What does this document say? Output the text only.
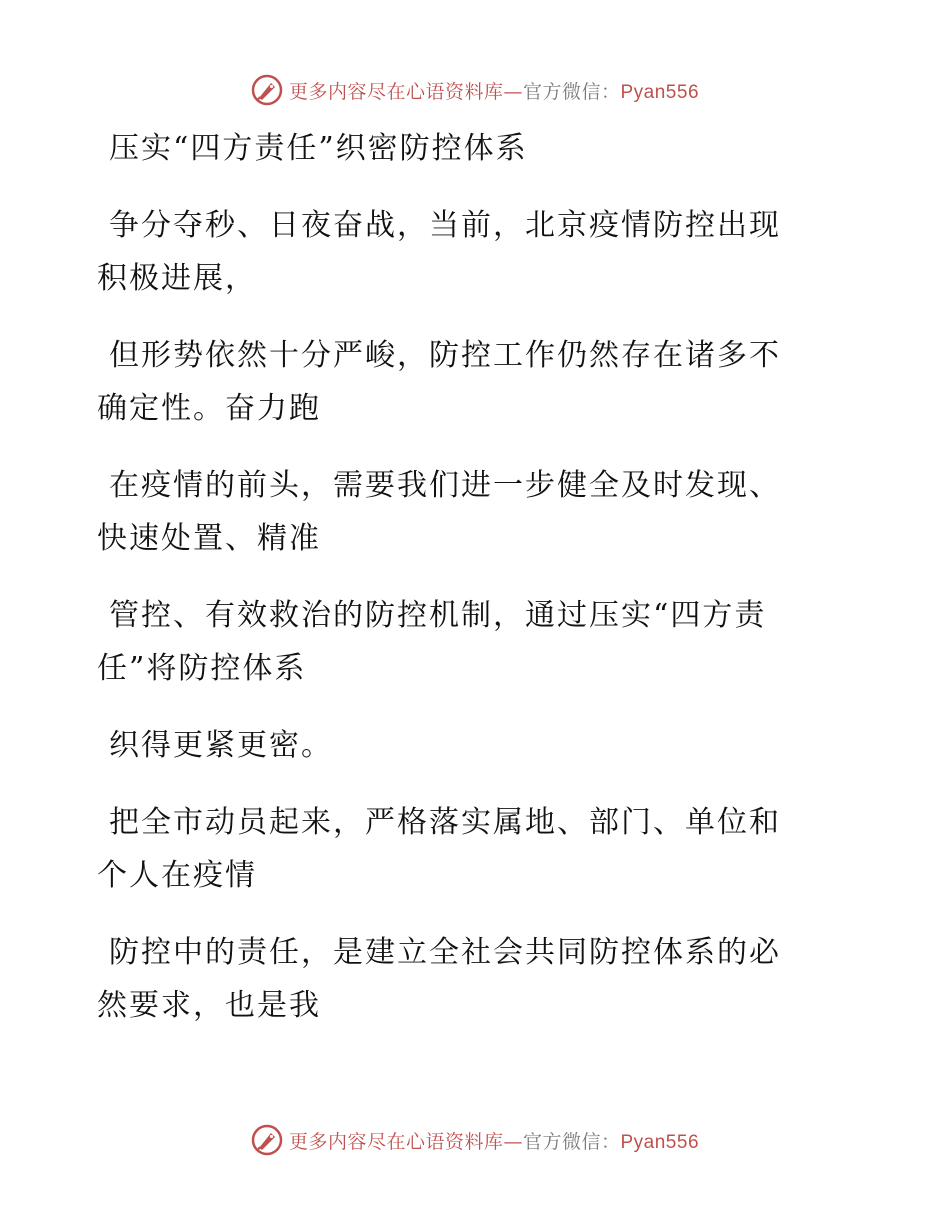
更多内容尽在心语资料库—官方微信：Pyan556

压实“四方责任”织密防控体系

争分夺秒、日夜奋战，当前，北京疫情防控出现
积极进展，

但形势依然十分严峻，防控工作仍然存在诸多不
确定性。奋力跑

在疫情的前头，需要我们进一步健全及时发现、
快速处置、精准

管控、有效救治的防控机制，通过压实“四方责
任”将防控体系

织得更紧更密。

把全市动员起来，严格落实属地、部门、单位和
个人在疫情

防控中的责任，是建立全社会共同防控体系的必
然要求，也是我

更多内容尽在心语资料库—官方微信：Pyan556
